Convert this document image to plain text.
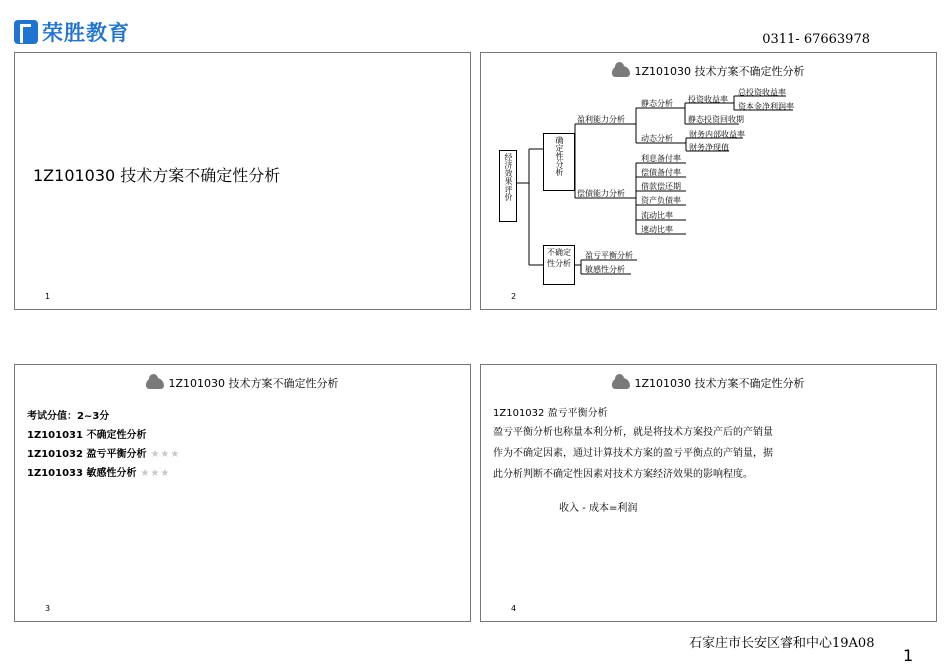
荣胜教育	0311- 67663978
1Z101030 技术方案不确定性分析
1
1Z101030 技术方案不确定性分析
经济效果评价	确定性分析
不确定性分析
盈利能力分析
静态分析 投资收益率
总投资收益率
资本金净利润率
静态投资回收期
动态分析 财务内部收益率
财务净现值
偿债能力分析
利息备付率
偿债备付率
借款偿还期
资产负债率
流动比率
速动比率
盈亏平衡分析
敏感性分析
2
1Z101030 技术方案不确定性分析
考试分值：2~3分
1Z101031 不确定性分析
1Z101032 盈亏平衡分析 ★★★
1Z101033 敏感性分析 ★★★
3
1Z101030 技术方案不确定性分析
1Z101032 盈亏平衡分析
盈亏平衡分析也称量本利分析，就是将技术方案投产后的产销量
作为不确定因素，通过计算技术方案的盈亏平衡点的产销量，据
此分析判断不确定性因素对技术方案经济效果的影响程度。
收入 - 成本=利润
4
石家庄市长安区睿和中心19A08
1
